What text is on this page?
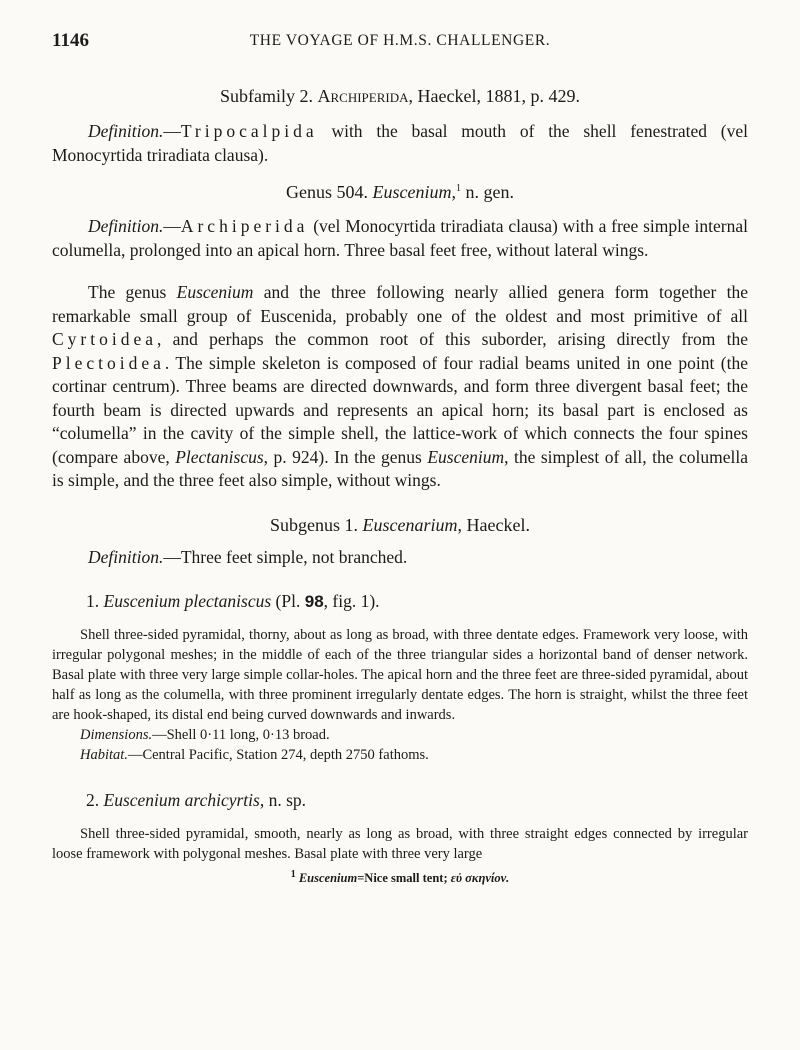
1146	THE VOYAGE OF H.M.S. CHALLENGER.
Subfamily 2. Archiperida, Haeckel, 1881, p. 429.

Definition.—Tripocalpida with the basal mouth of the shell fenestrated (vel Monocyrtida triradiata clausa).

Genus 504. Euscenium,$^1$ n. gen.

Definition.—Archiperida (vel Monocyrtida triradiata clausa) with a free simple internal columella, prolonged into an apical horn. Three basal feet free, without lateral wings.

The genus Euscenium and the three following nearly allied genera form together the remarkable small group of Euscenida, probably one of the oldest and most primitive of all Cyrtoidea, and perhaps the common root of this suborder, arising directly from the Plectoidea. The simple skeleton is composed of four radial beams united in one point (the cortinar centrum). Three beams are directed downwards, and form three divergent basal feet; the fourth beam is directed upwards and represents an apical horn; its basal part is enclosed as “columella” in the cavity of the simple shell, the lattice-work of which connects the four spines (compare above, Plectaniscus, p. 924). In the genus Euscenium, the simplest of all, the columella is simple, and the three feet also simple, without wings.

Subgenus 1. Euscenarium, Haeckel.

Definition.—Three feet simple, not branched.

1. Euscenium plectaniscus (Pl. 98, fig. 1).

Shell three-sided pyramidal, thorny, about as long as broad, with three dentate edges. Framework very loose, with irregular polygonal meshes; in the middle of each of the three triangular sides a horizontal band of denser network. Basal plate with three very large simple collar-holes. The apical horn and the three feet are three-sided pyramidal, about half as long as the columella, with three prominent irregularly dentate edges. The horn is straight, whilst the three feet are hook-shaped, its distal end being curved downwards and inwards.

Dimensions.—Shell 0·11 long, 0·13 broad.

Habitat.—Central Pacific, Station 274, depth 2750 fathoms.

2. Euscenium archicyrtis, n. sp.

Shell three-sided pyramidal, smooth, nearly as long as broad, with three straight edges connected by irregular loose framework with polygonal meshes. Basal plate with three very large

$^1$ Euscenium=Nice small tent; εὐ σκηνίον.
